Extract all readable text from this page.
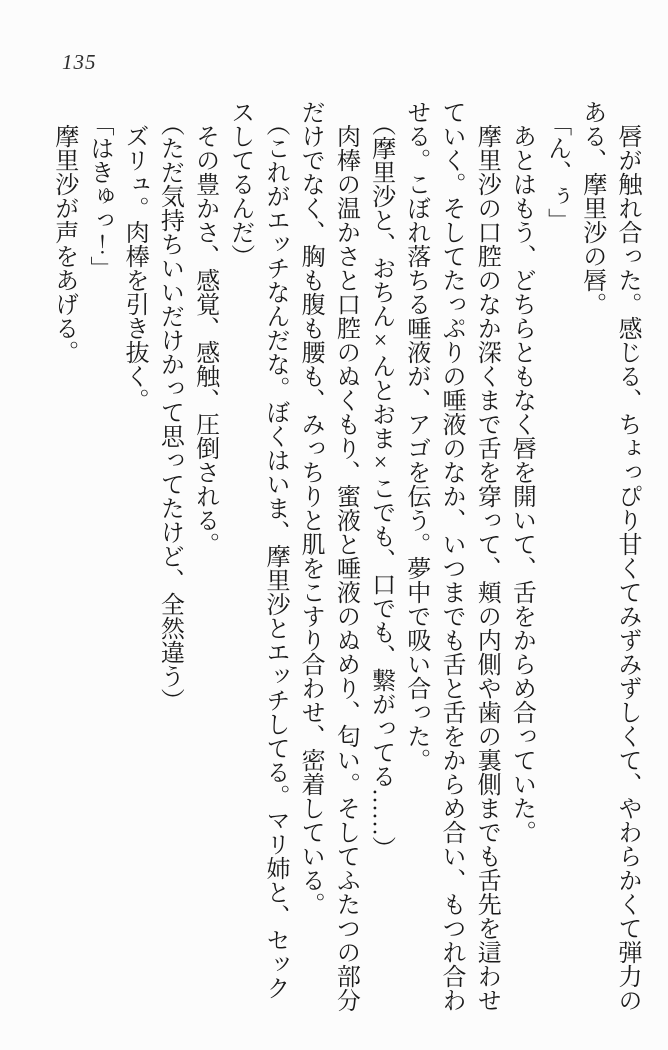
135

唇が触れ合った。感じる、ちょっぴり甘くてみずみずしくて、やわらかくて弾力のある、摩里沙の唇。

「ん、ぅ」

あとはもう、どちらともなく唇を開いて、舌をからめ合っていた。

摩里沙の口腔のなか深くまで舌を穿って、頬の内側や歯の裏側までも舌先を這わせていく。そしてたっぷりの唾液のなか、いつまでも舌と舌をからめ合い、もつれ合わせる。こぼれ落ちる唾液が、アゴを伝う。夢中で吸い合った。

（摩里沙と、おちん×んとおま×こでも、口でも、繋がってる……）

肉棒の温かさと口腔のぬくもり、蜜液と唾液のぬめり、匂い。そしてふたつの部分だけでなく、胸も腹も腰も、みっちりと肌をこすり合わせ、密着している。

（これがエッチなんだな。ぼくはいま、摩里沙とエッチしてる。マリ姉と、セックスしてるんだ）

その豊かさ、感覚、感触、圧倒される。

（ただ気持ちいいだけかって思ってたけど、全然違う）

ズリュ。肉棒を引き抜く。

「はきゅっ！」

摩里沙が声をあげる。
